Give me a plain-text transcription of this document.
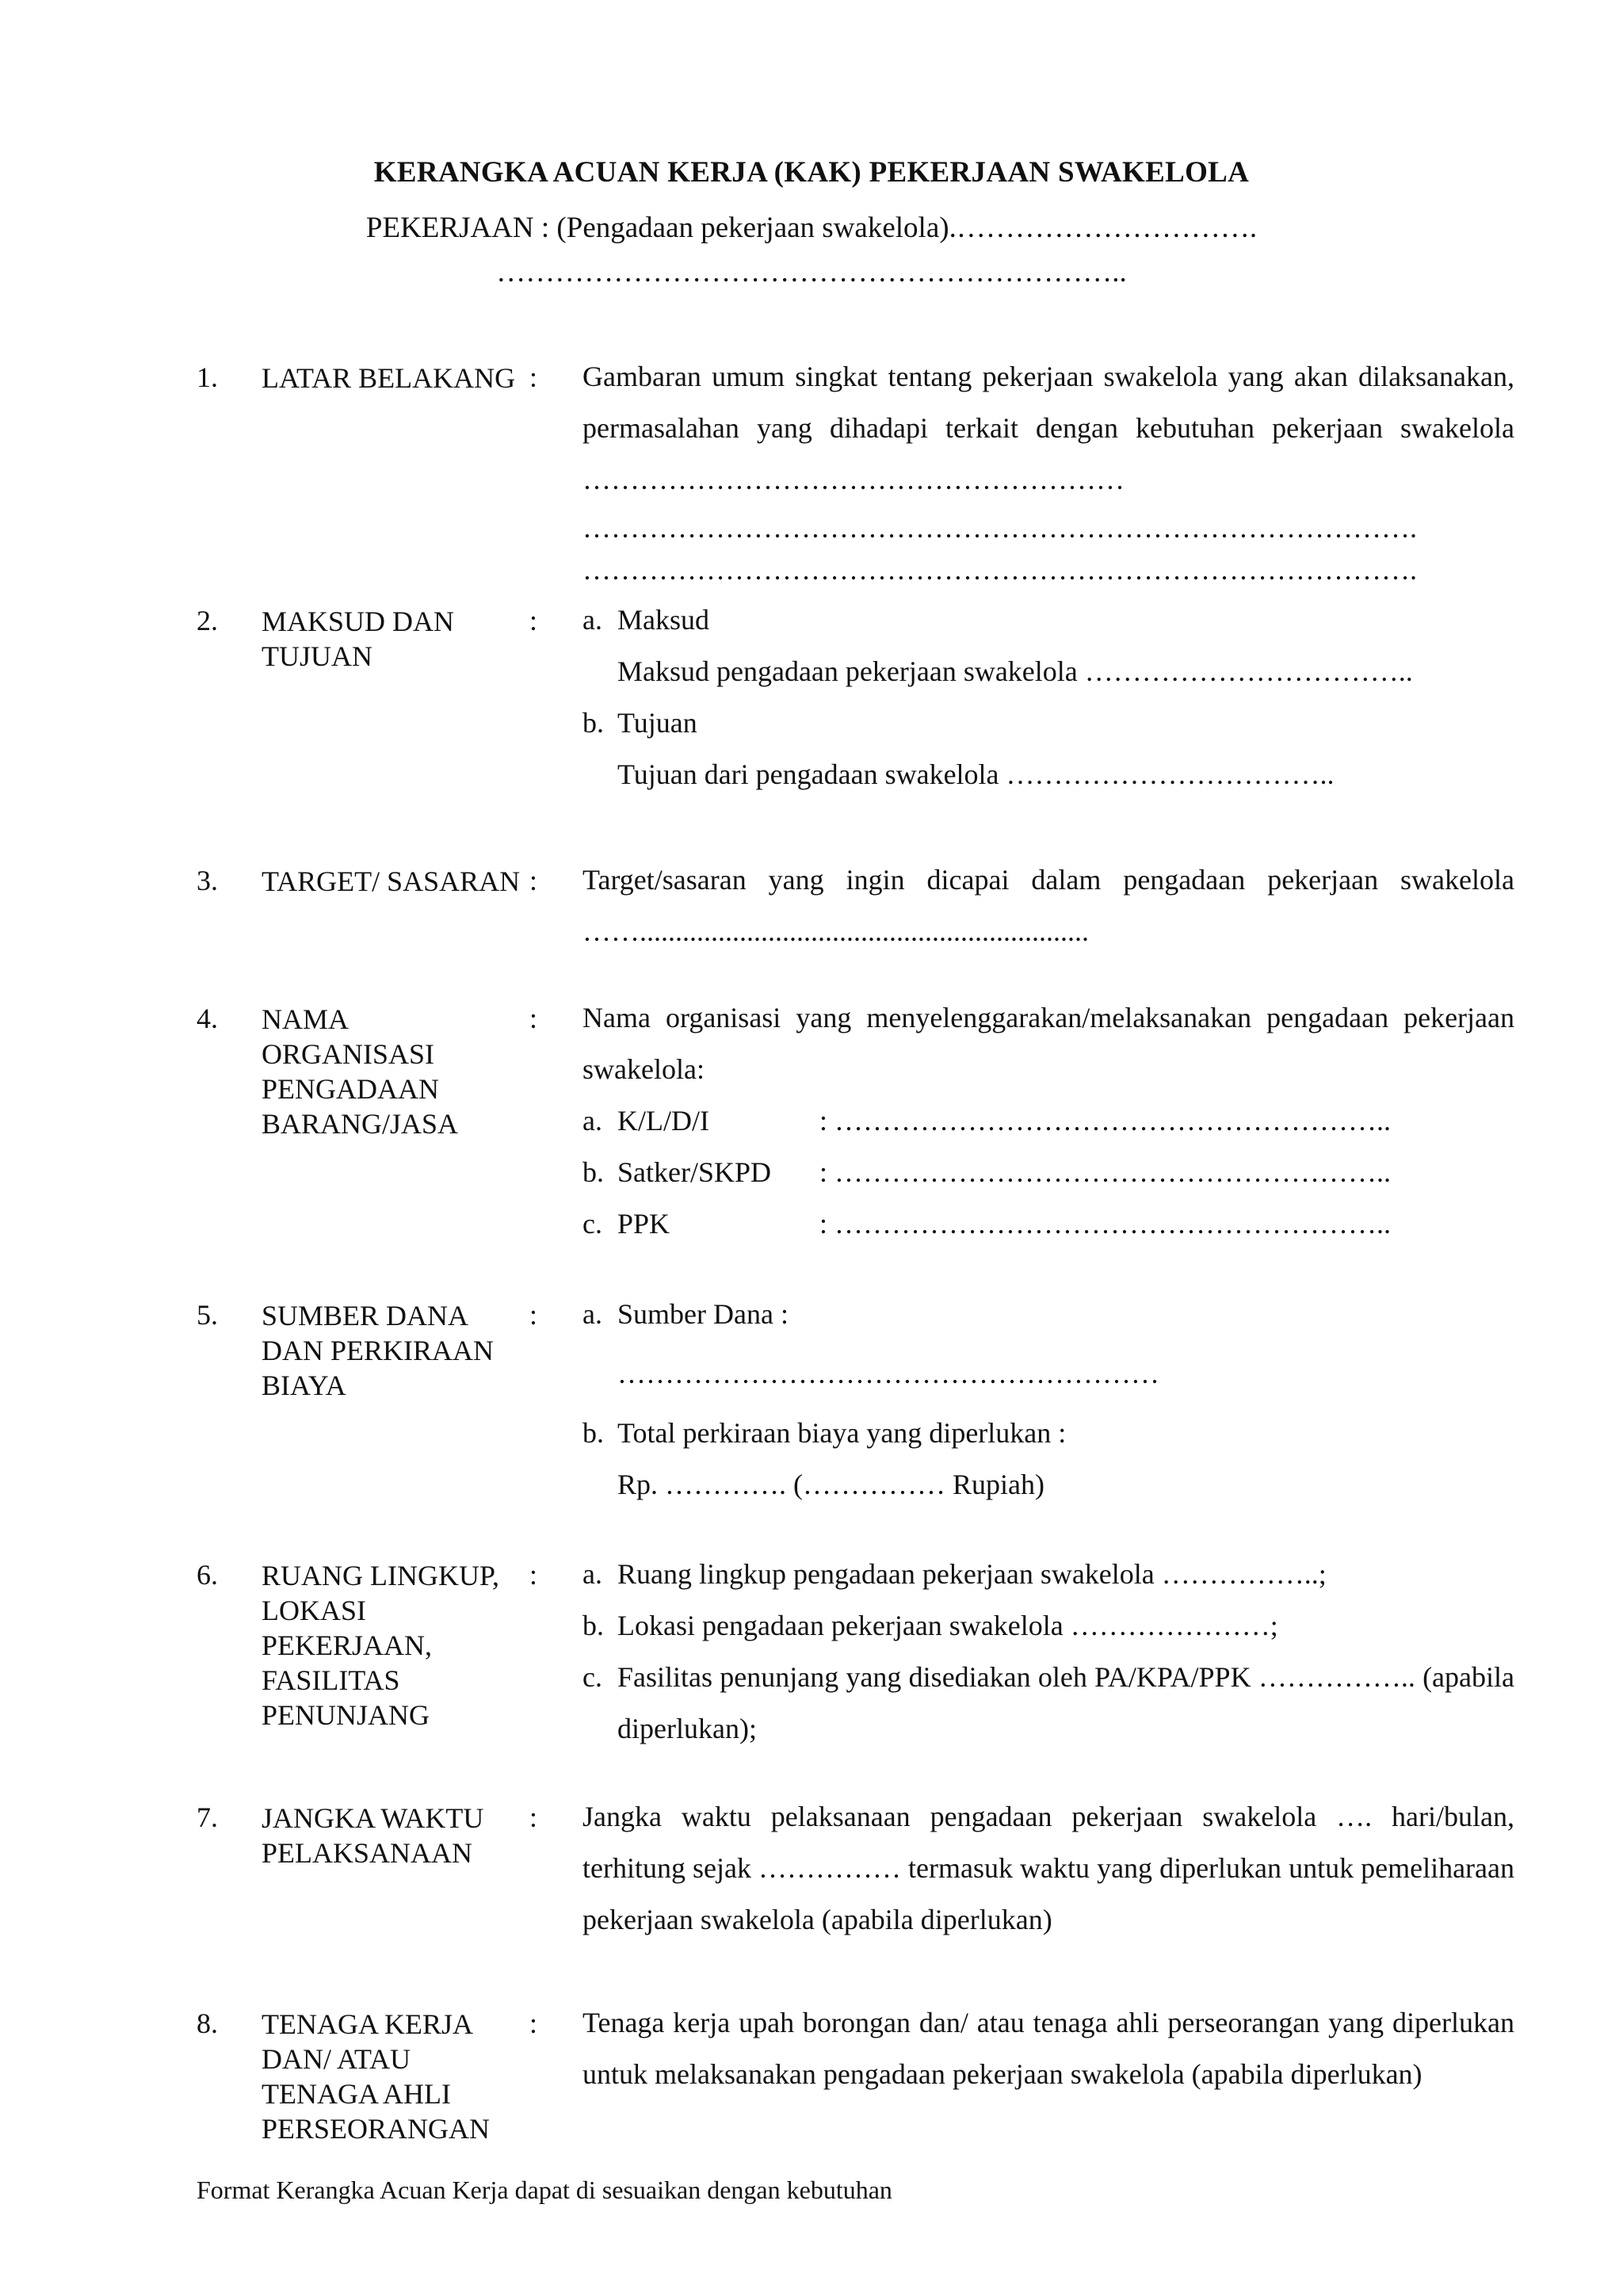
KERANGKA ACUAN KERJA (KAK) PEKERJAAN SWAKELOLA
PEKERJAAN : (Pengadaan pekerjaan swakelola).………………………….
………………………………………………………..
1. LATAR BELAKANG : Gambaran umum singkat tentang pekerjaan swakelola yang akan dilaksanakan, permasalahan yang dihadapi terkait dengan kebutuhan pekerjaan swakelola …………………………………………………

…………………………………………………………………………….

…………………………………………………………………………….

2. MAKSUD DAN TUJUAN
: a. Maksud

Maksud pengadaan pekerjaan swakelola ……………………………..

b. Tujuan

Tujuan dari pengadaan swakelola ……………………………..

3. TARGET/ SASARAN : Target/sasaran yang ingin dicapai dalam pengadaan pekerjaan swakelola ……...............................................................

4. NAMA ORGANISASI PENGADAAN BARANG/JASA
: Nama organisasi yang menyelenggarakan/melaksanakan pengadaan pekerjaan swakelola:

a. K/L/D/I	: …………………………………………………..
b. Satker/SKPD	: …………………………………………………..
c. PPK	: …………………………………………………..
5. SUMBER DANA DAN PERKIRAAN BIAYA
: a. Sumber Dana :

…………………………………………………

b. Total perkiraan biaya yang diperlukan :

Rp. …………. (…………… Rupiah)

6. RUANG LINGKUP, LOKASI PEKERJAAN, FASILITAS PENUNJANG
: a. Ruang lingkup pengadaan pekerjaan swakelola ……………..;
b. Lokasi pengadaan pekerjaan swakelola …………………;
c. Fasilitas penunjang yang disediakan oleh PA/KPA/PPK …………….. (apabila diperlukan);
7. JANGKA WAKTU PELAKSANAAN
: Jangka waktu pelaksanaan pengadaan pekerjaan swakelola …. hari/bulan, terhitung sejak …………… termasuk waktu yang diperlukan untuk pemeliharaan pekerjaan swakelola (apabila diperlukan)

8. TENAGA KERJA DAN/ ATAU TENAGA AHLI PERSEORANGAN
: Tenaga kerja upah borongan dan/ atau tenaga ahli perseorangan yang diperlukan untuk melaksanakan pengadaan pekerjaan swakelola (apabila diperlukan)

Format Kerangka Acuan Kerja dapat di sesuaikan dengan kebutuhan
